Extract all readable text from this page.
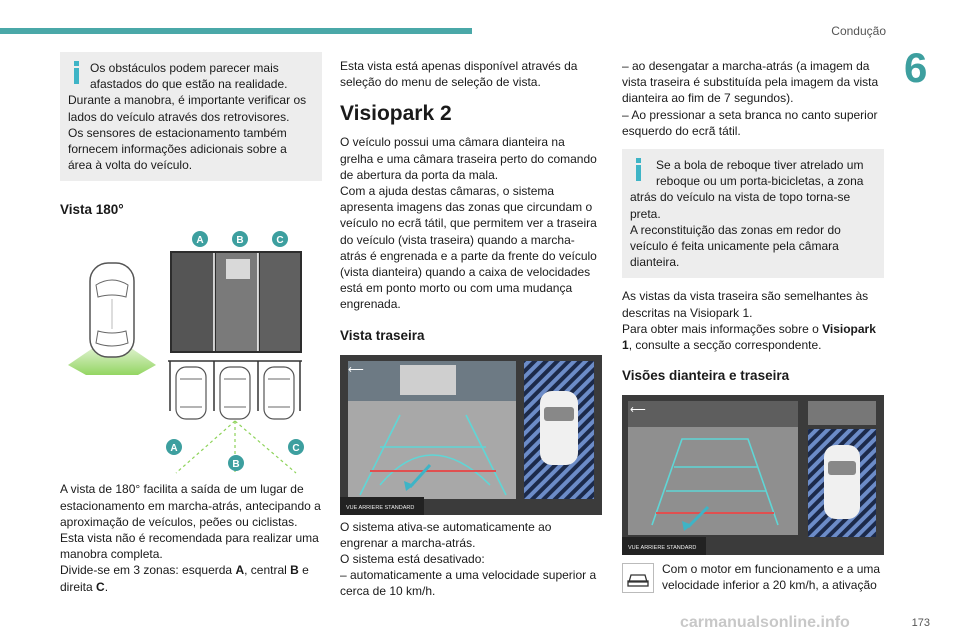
Condução
6

Os obstáculos podem parecer mais

afastados do que estão na realidade.

Durante a manobra, é importante verificar os

lados do veículo através dos retrovisores.

Os sensores de estacionamento também

fornecem informações adicionais sobre a

área à volta do veículo.

Vista 180°
A	B	C
A
B
C

A vista de 180° facilita a saída de um lugar de

estacionamento em marcha-atrás, antecipando a

aproximação de veículos, peões ou ciclistas.

Esta vista não é recomendada para realizar uma

manobra completa.

Divide-se em 3 zonas: esquerda A, central B e

direita C.

Esta vista está apenas disponível através da

seleção do menu de seleção de vista.

Visiopark 2

O veículo possui uma câmara dianteira na

grelha e uma câmara traseira perto do comando

de abertura da porta da mala.

Com a ajuda destas câmaras, o sistema

apresenta imagens das zonas que circundam o

veículo no ecrã tátil, que permitem ver a traseira

do veículo (vista traseira) quando a marcha-

atrás é engrenada e a parte da frente do veículo

(vista dianteira) quando a caixa de velocidades

está em ponto morto ou com uma mudança

engrenada.

Vista traseira
⟵
VUE ARRIERE STANDARD

O sistema ativa-se automaticamente ao

engrenar a marcha-atrás.

O sistema está desativado:

– automaticamente a uma velocidade superior a

cerca de 10 km/h.

– ao desengatar a marcha-atrás (a imagem da

vista traseira é substituída pela imagem da vista

dianteira ao fim de 7 segundos).

– Ao pressionar a seta branca no canto superior

esquerdo do ecrã tátil.

Se a bola de reboque tiver atrelado um

reboque ou um porta-bicicletas, a zona

atrás do veículo na vista de topo torna-se

preta.

A reconstituição das zonas em redor do

veículo é feita unicamente pela câmara

dianteira.

As vistas da vista traseira são semelhantes às

descritas na Visiopark 1.

Para obter mais informações sobre o Visiopark

1, consulte a secção correspondente.

Visões dianteira e traseira
⟵
VUE ARRIERE STANDARD

Com o motor em funcionamento e a uma

velocidade inferior a 20 km/h, a ativação

carmanualsonline.info	173
